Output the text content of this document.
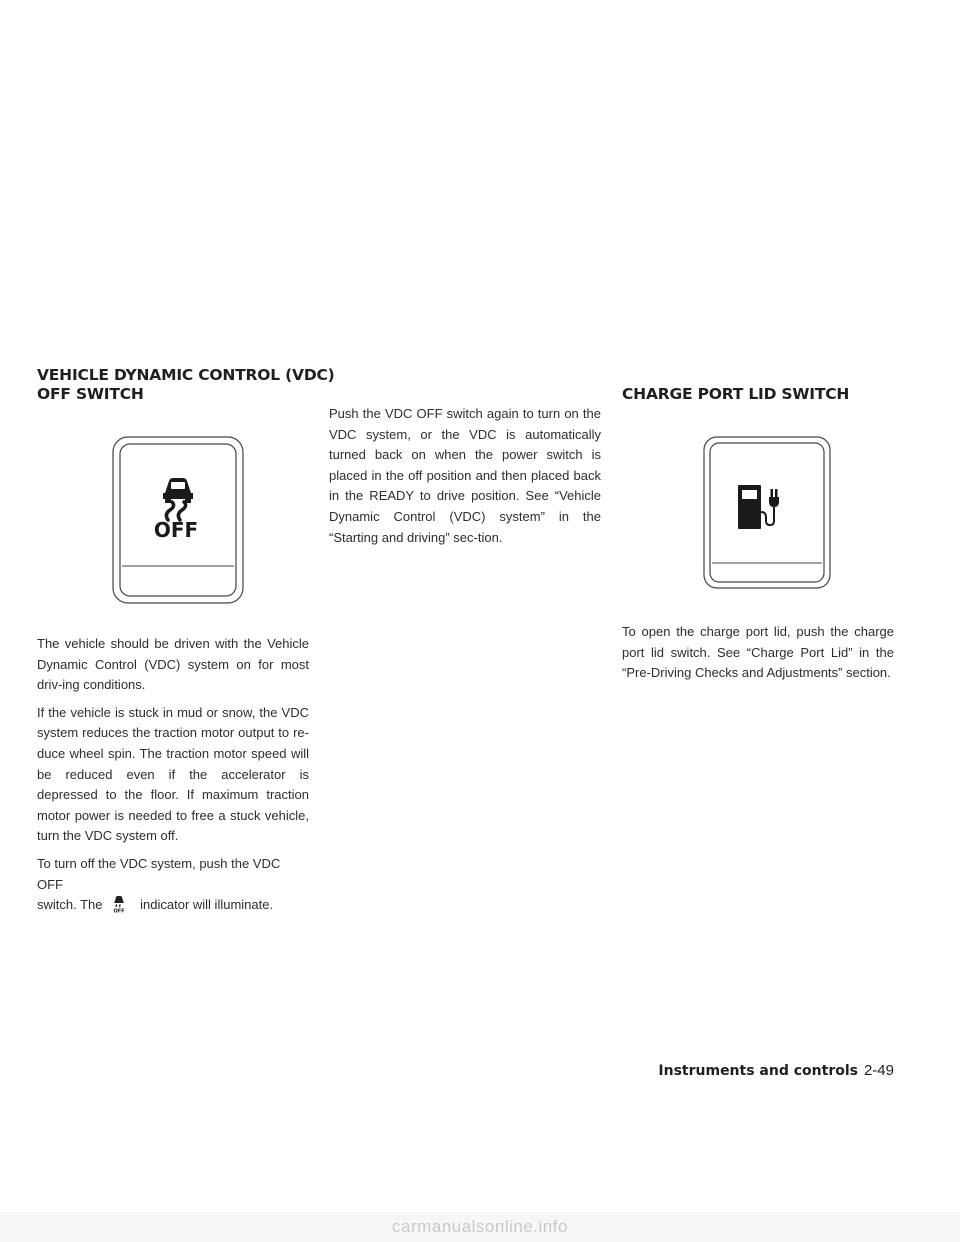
VEHICLE DYNAMIC CONTROL (VDC)
OFF SWITCH
OFF

The vehicle should be driven with the Vehicle Dynamic Control (VDC) system on for most driv-ing conditions.

If the vehicle is stuck in mud or snow, the VDC system reduces the traction motor output to re-duce wheel spin. The traction motor speed will be reduced even if the accelerator is depressed to the floor. If maximum traction motor power is needed to free a stuck vehicle, turn the VDC system off.

To turn off the VDC system, push the VDC OFF
switch. The OFF indicator will illuminate.

Push the VDC OFF switch again to turn on the VDC system, or the VDC is automatically turned back on when the power switch is placed in the off position and then placed back in the READY to drive position. See “Vehicle Dynamic Control (VDC) system” in the “Starting and driving” sec-tion.

CHARGE PORT LID SWITCH

To open the charge port lid, push the charge port lid switch. See “Charge Port Lid” in the “Pre-Driving Checks and Adjustments” section.

Instruments and controls 2-49
carmanualsonline.info
